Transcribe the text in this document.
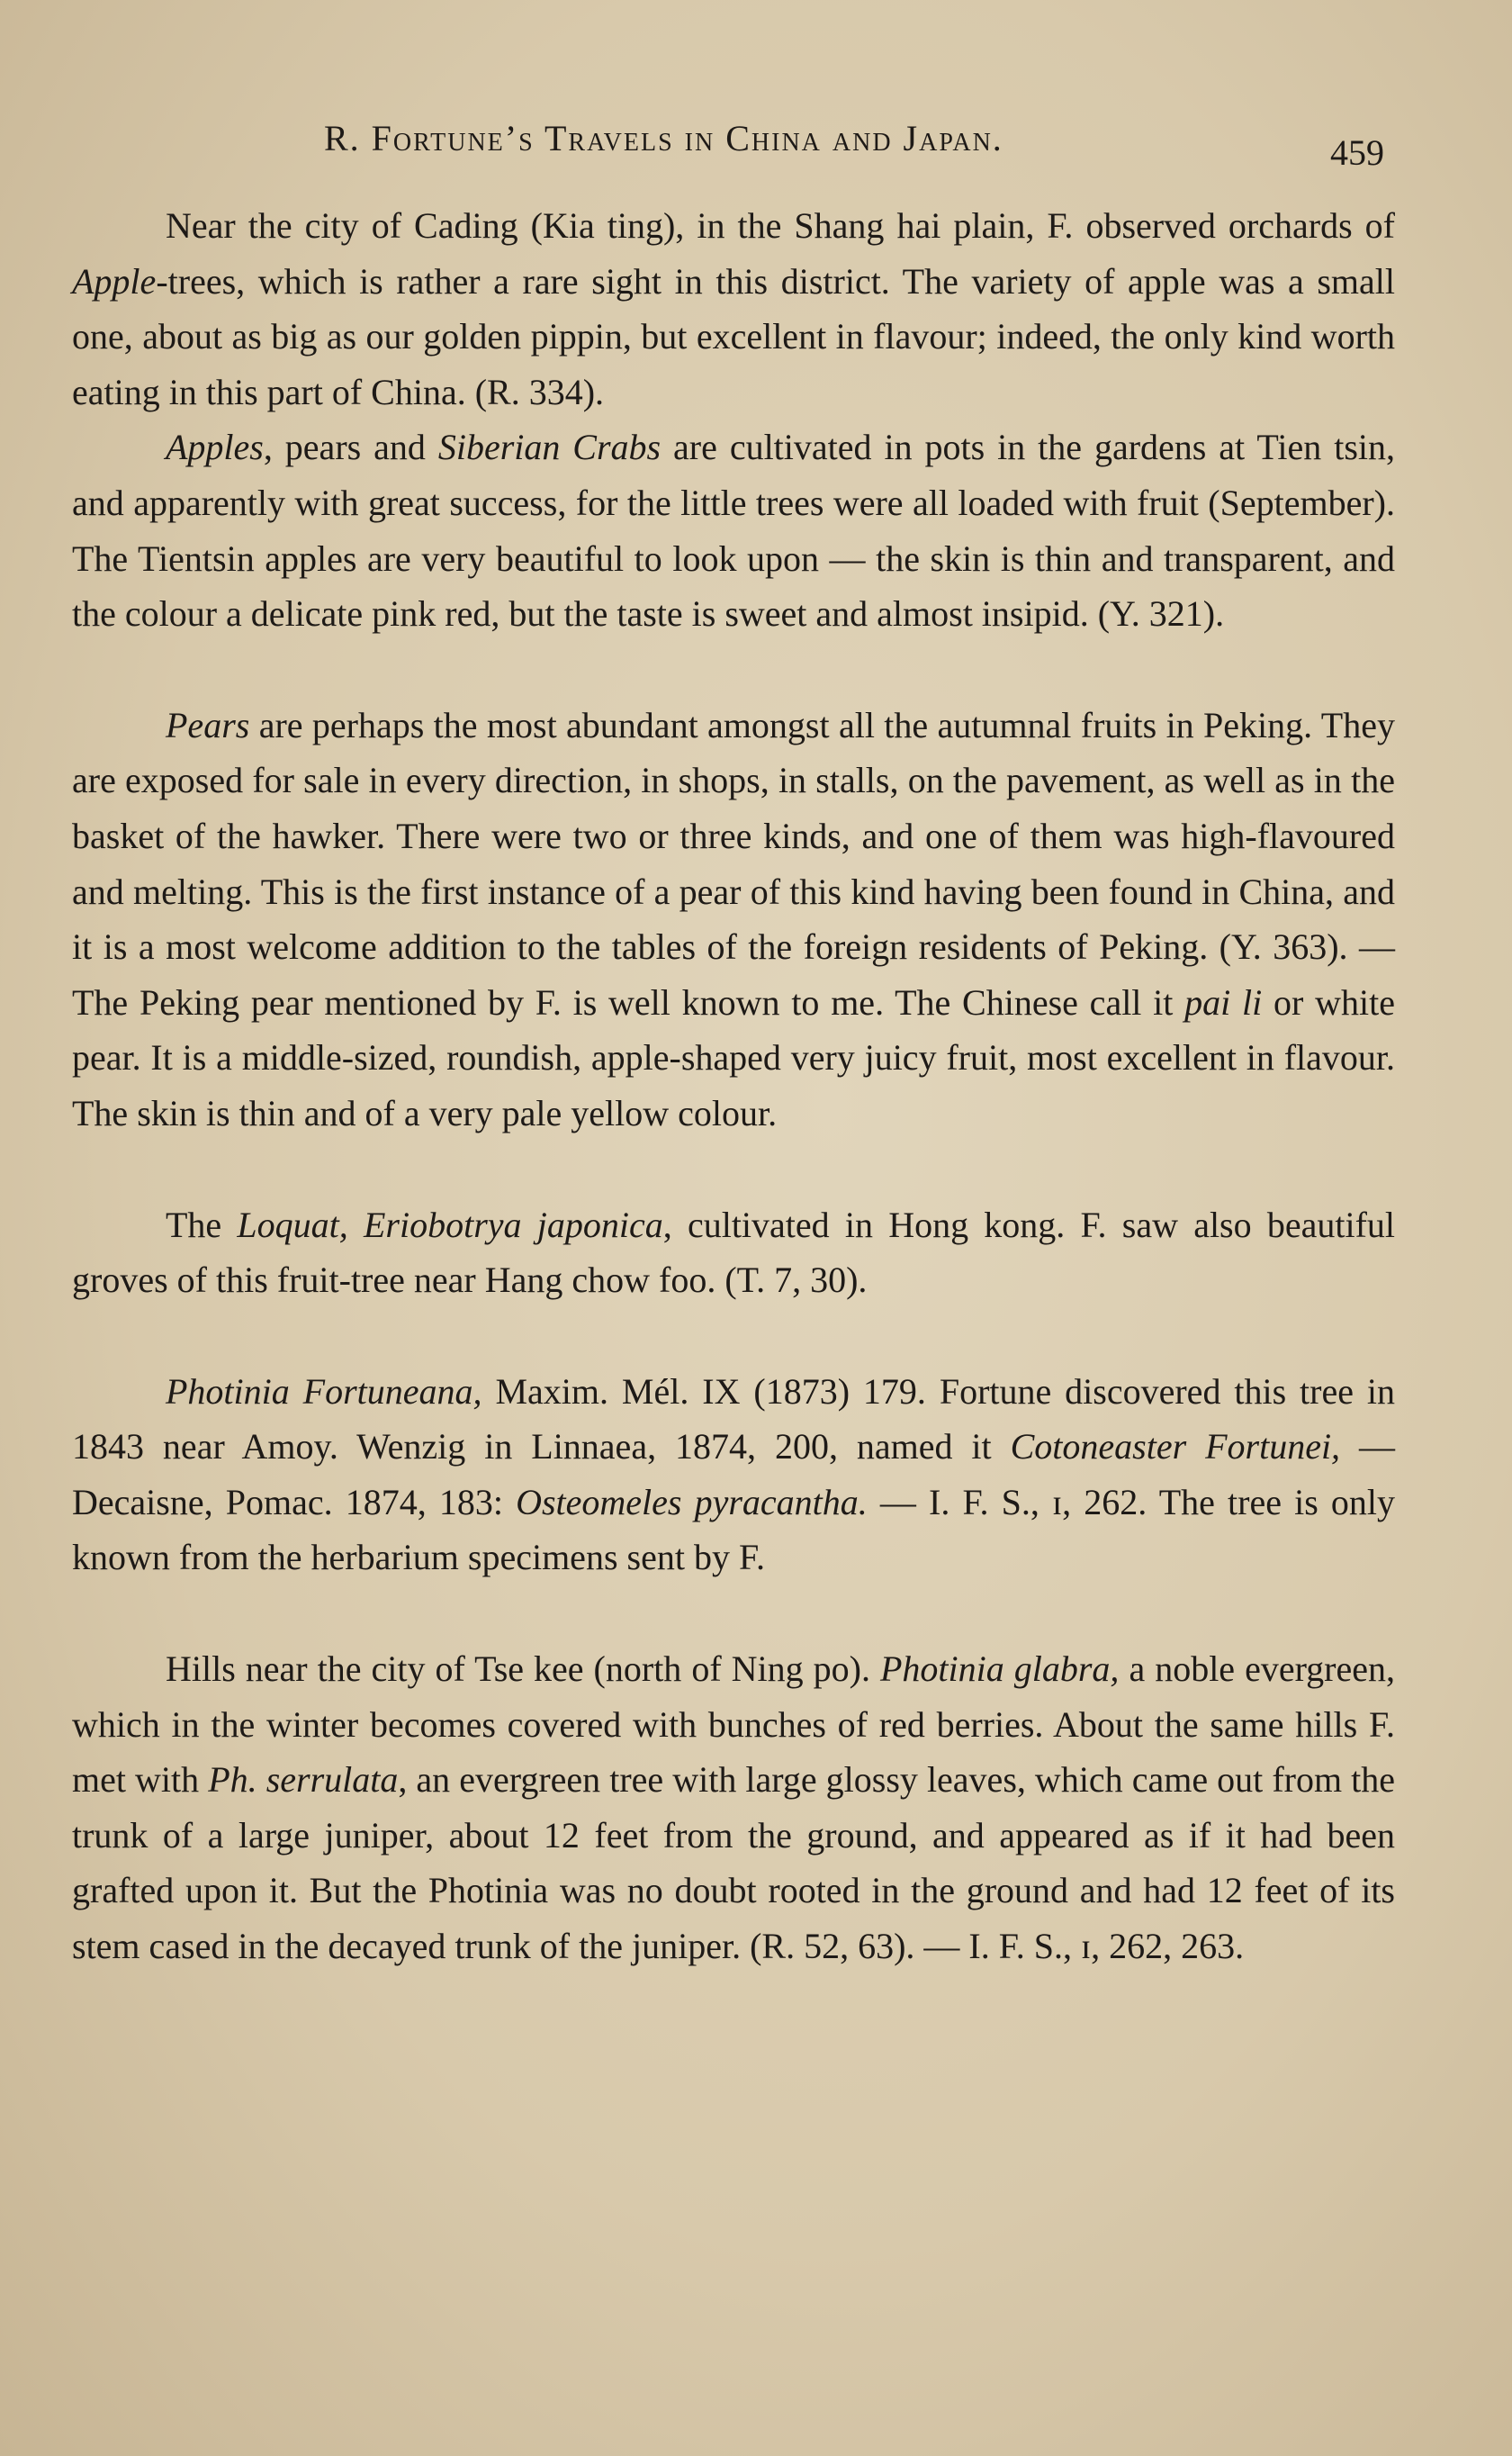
R. Fortune’s Travels in China and Japan.	459

Near the city of Cading (Kia ting), in the Shang hai plain, F. observed orchards of Apple-trees, which is rather a rare sight in this district. The variety of apple was a small one, about as big as our golden pippin, but excellent in flavour; indeed, the only kind worth eating in this part of China. (R. 334).

Apples, pears and Siberian Crabs are cultivated in pots in the gardens at Tien tsin, and apparently with great success, for the little trees were all loaded with fruit (September). The Tientsin apples are very beautiful to look upon — the skin is thin and transparent, and the colour a delicate pink red, but the taste is sweet and almost insipid. (Y. 321).

Pears are perhaps the most abundant amongst all the autumnal fruits in Peking. They are exposed for sale in every direction, in shops, in stalls, on the pavement, as well as in the basket of the hawker. There were two or three kinds, and one of them was high-flavoured and melting. This is the first instance of a pear of this kind having been found in China, and it is a most welcome addition to the tables of the foreign residents of Peking. (Y. 363). — The Peking pear mentioned by F. is well known to me. The Chinese call it pai li or white pear. It is a middle-sized, roundish, apple-shaped very juicy fruit, most excellent in flavour. The skin is thin and of a very pale yellow colour.

The Loquat, Eriobotrya japonica, cultivated in Hong kong. F. saw also beautiful groves of this fruit-tree near Hang chow foo. (T. 7, 30).

Photinia Fortuneana, Maxim. Mél. IX (1873) 179. Fortune discovered this tree in 1843 near Amoy. Wenzig in Linnaea, 1874, 200, named it Cotoneaster Fortunei, — Decaisne, Pomac. 1874, 183: Osteomeles pyracantha. — I. F. S., ɪ, 262. The tree is only known from the herbarium specimens sent by F.

Hills near the city of Tse kee (north of Ning po). Photinia glabra, a noble evergreen, which in the winter becomes covered with bunches of red berries. About the same hills F. met with Ph. serrulata, an evergreen tree with large glossy leaves, which came out from the trunk of a large juniper, about 12 feet from the ground, and appeared as if it had been grafted upon it. But the Photinia was no doubt rooted in the ground and had 12 feet of its stem cased in the decayed trunk of the juniper. (R. 52, 63). — I. F. S., ɪ, 262, 263.
